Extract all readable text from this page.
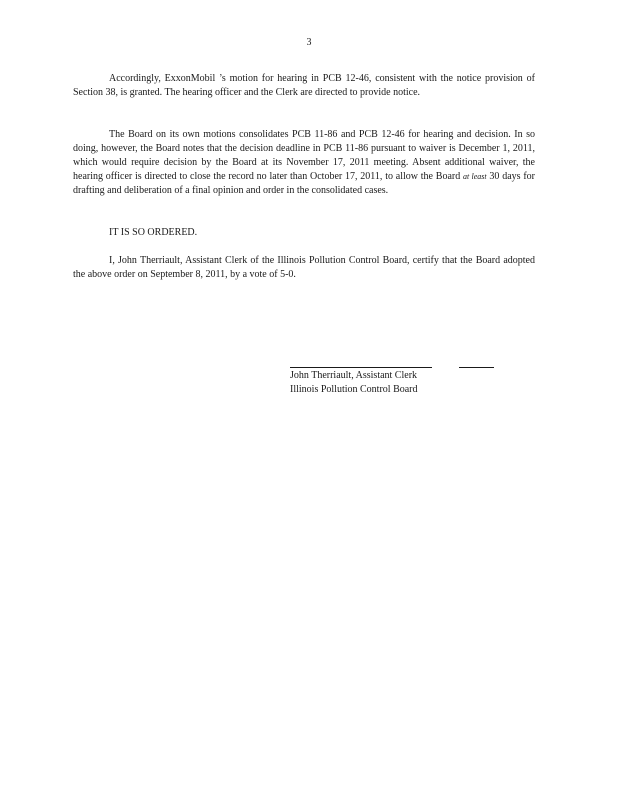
3

Accordingly, ExxonMobil ’s motion for hearing in PCB 12-46, consistent with the notice provision of Section 38, is granted. The hearing officer and the Clerk are directed to provide notice.

The Board on its own motions consolidates PCB 11-86 and PCB 12-46 for hearing and decision. In so doing, however, the Board notes that the decision deadline in PCB 11-86 pursuant to waiver is December 1, 2011, which would require decision by the Board at its November 17, 2011 meeting. Absent additional waiver, the hearing officer is directed to close the record no later than October 17, 2011, to allow the Board at least 30 days for drafting and deliberation of a final opinion and order in the consolidated cases.

IT IS SO ORDERED.

I, John Therriault, Assistant Clerk of the Illinois Pollution Control Board, certify that the Board adopted the above order on September 8, 2011, by a vote of 5-0.

John Therriault, Assistant Clerk
Illinois Pollution Control Board
